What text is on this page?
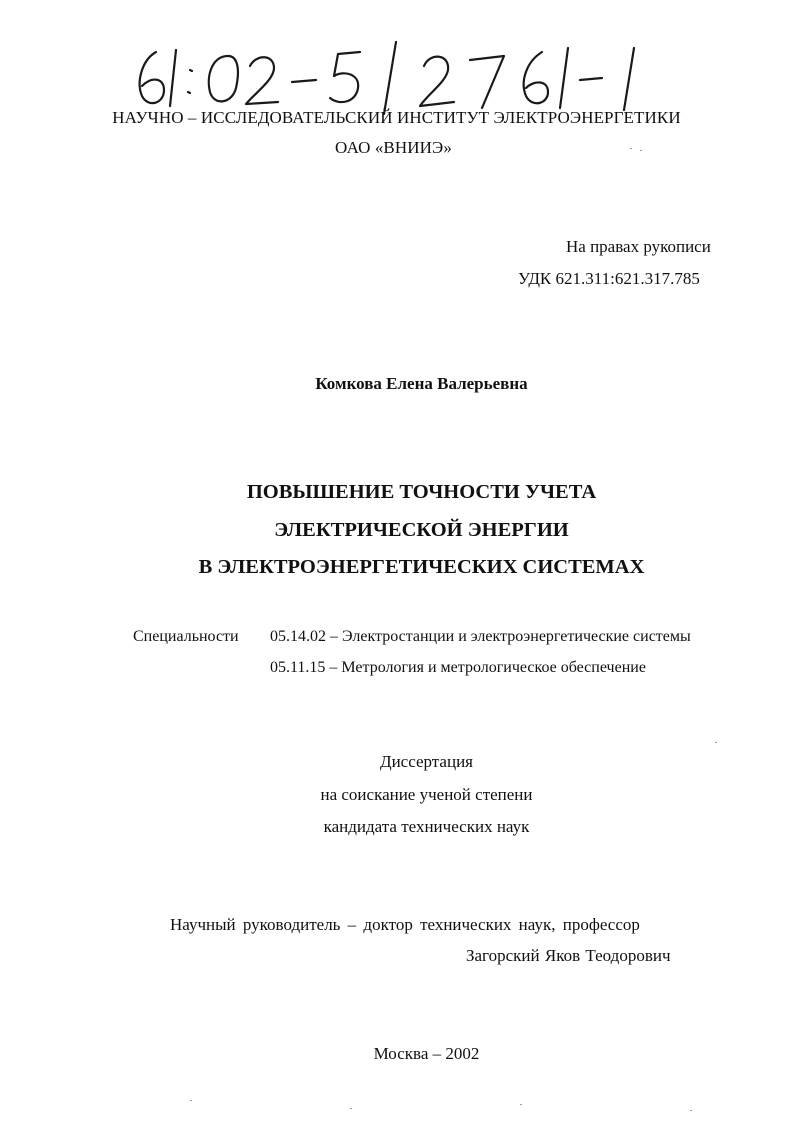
НАУЧНО – ИССЛЕДОВАТЕЛЬСКИЙ ИНСТИТУТ ЭЛЕКТРОЭНЕРГЕТИКИ
ОАО «ВНИИЭ»
На правах рукописи
УДК 621.311:621.317.785
Комкова Елена Валерьевна
ПОВЫШЕНИЕ ТОЧНОСТИ УЧЕТА
ЭЛЕКТРИЧЕСКОЙ ЭНЕРГИИ
В ЭЛЕКТРОЭНЕРГЕТИЧЕСКИХ СИСТЕМАХ
Специальности 05.14.02 – Электростанции и электроэнергетические системы
05.11.15 – Метрология и метрологическое обеспечение
Диссертация
на соискание ученой степени
кандидата технических наук
Научный руководитель – доктор технических наук, профессор
Загорский Яков Теодорович
Москва – 2002
